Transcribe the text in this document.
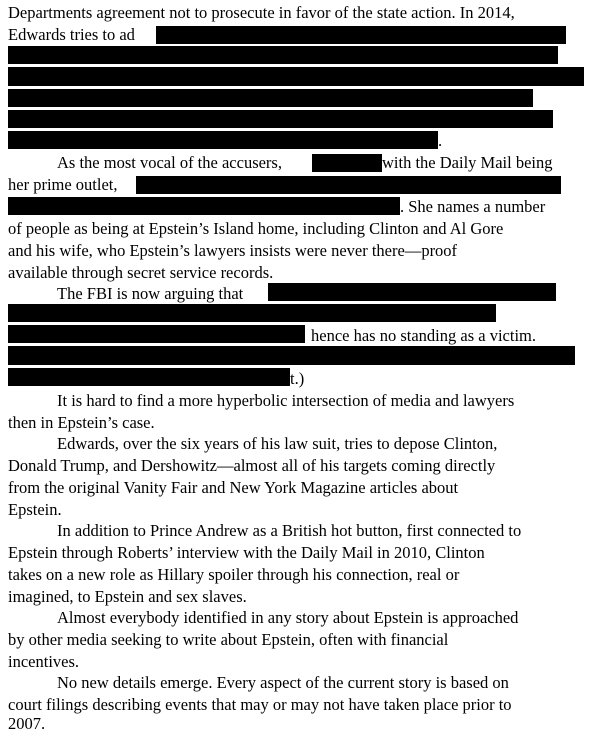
Departments agreement not to prosecute in favor of the state action. In 2014,
Edwards tries to ad
.
As the most vocal of the accusers,	with the Daily Mail being
her prime outlet,
. She names a number
of people as being at Epstein’s Island home, including Clinton and Al Gore
and his wife, who Epstein’s lawyers insists were never there—proof
available through secret service records.
The FBI is now arguing that
hence has no standing as a victim.
t.)
It is hard to find a more hyperbolic intersection of media and lawyers
then in Epstein’s case.
Edwards, over the six years of his law suit, tries to depose Clinton,
Donald Trump, and Dershowitz—almost all of his targets coming directly
from the original Vanity Fair and New York Magazine articles about
Epstein.
In addition to Prince Andrew as a British hot button, first connected to
Epstein through Roberts’ interview with the Daily Mail in 2010, Clinton
takes on a new role as Hillary spoiler through his connection, real or
imagined, to Epstein and sex slaves.
Almost everybody identified in any story about Epstein is approached
by other media seeking to write about Epstein, often with financial
incentives.
No new details emerge. Every aspect of the current story is based on
court filings describing events that may or may not have taken place prior to
2007.
